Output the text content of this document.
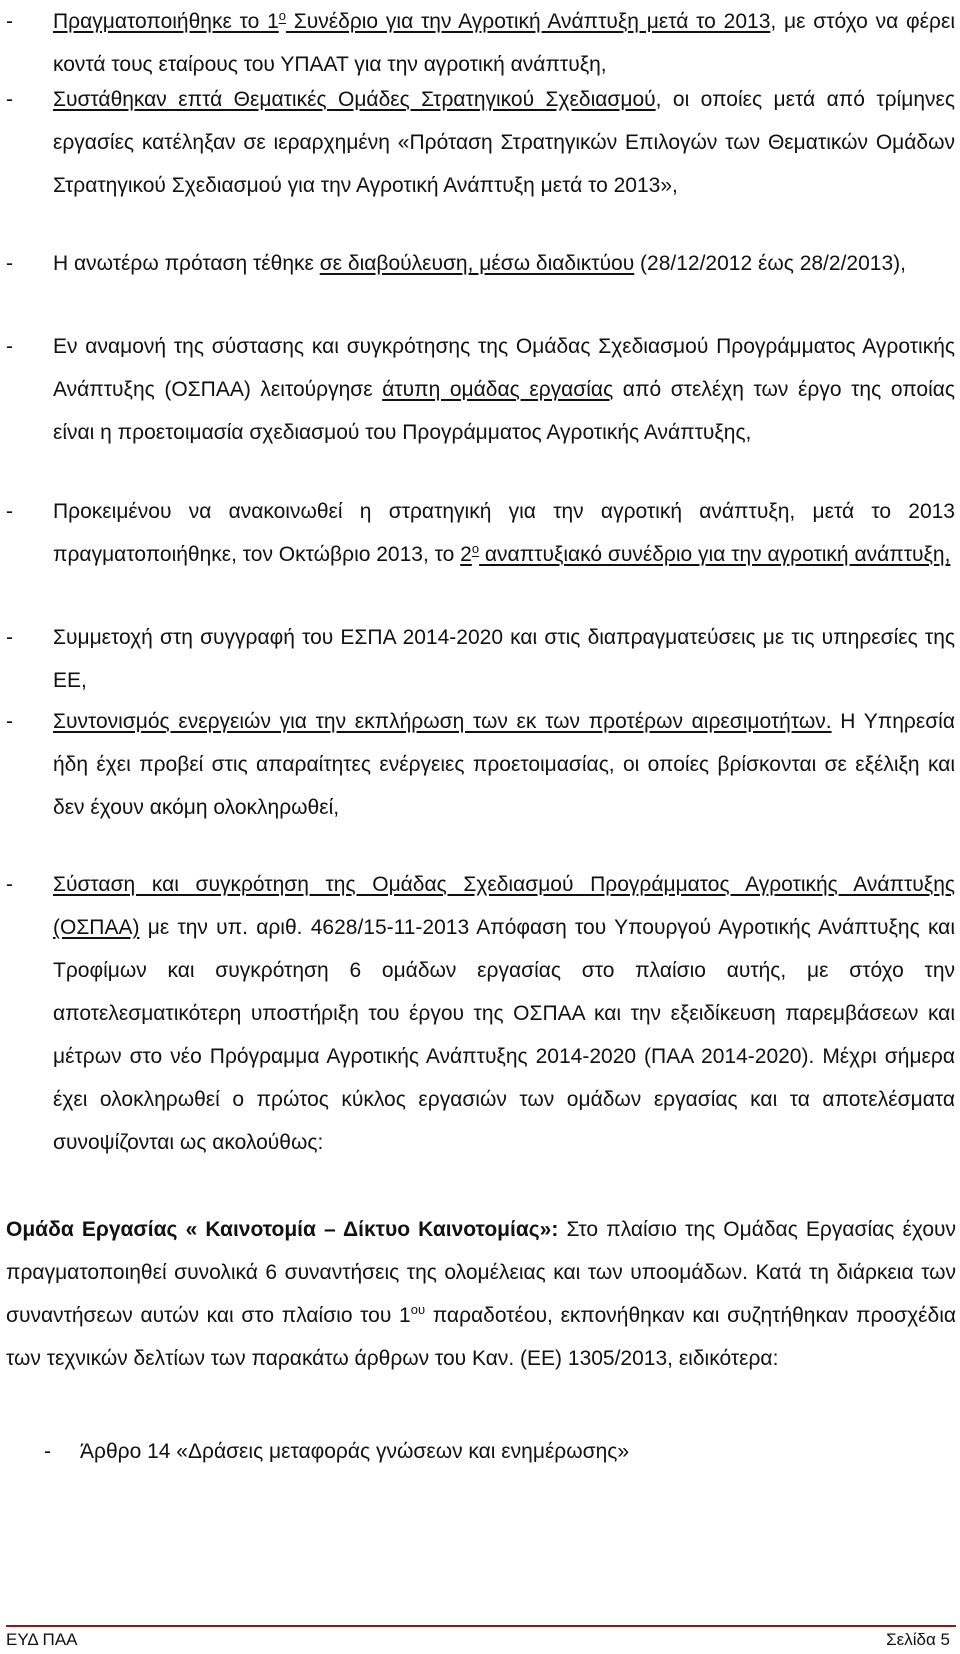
- Πραγματοποιήθηκε το $1^o$ Συνέδριο για την Αγροτική Ανάπτυξη μετά το 2013, με στόχο να φέρει κοντά τους εταίρους του ΥΠΑΑΤ για την αγροτική ανάπτυξη,
- Συστάθηκαν επτά Θεματικές Ομάδες Στρατηγικού Σχεδιασμού, οι οποίες μετά από τρίμηνες εργασίες κατέληξαν σε ιεραρχημένη «Πρόταση Στρατηγικών Επιλογών των Θεματικών Ομάδων Στρατηγικού Σχεδιασμού για την Αγροτική Ανάπτυξη μετά το 2013»,
- Η ανωτέρω πρόταση τέθηκε σε διαβούλευση, μέσω διαδικτύου (28/12/2012 έως 28/2/2013),
- Εν αναμονή της σύστασης και συγκρότησης της Ομάδας Σχεδιασμού Προγράμματος Αγροτικής Ανάπτυξης (ΟΣΠΑΑ) λειτούργησε άτυπη ομάδας εργασίας από στελέχη των έργο της οποίας είναι η προετοιμασία σχεδιασμού του Προγράμματος Αγροτικής Ανάπτυξης,
- Προκειμένου να ανακοινωθεί η στρατηγική για την αγροτική ανάπτυξη, μετά το 2013 πραγματοποιήθηκε, τον Οκτώβριο 2013, το $2^o$ αναπτυξιακό συνέδριο για την αγροτική ανάπτυξη,
- Συμμετοχή στη συγγραφή του ΕΣΠΑ 2014-2020 και στις διαπραγματεύσεις με τις υπηρεσίες της ΕΕ,
- Συντονισμός ενεργειών για την εκπλήρωση των εκ των προτέρων αιρεσιμοτήτων. Η Υπηρεσία ήδη έχει προβεί στις απαραίτητες ενέργειες προετοιμασίας, οι οποίες βρίσκονται σε εξέλιξη και δεν έχουν ακόμη ολοκληρωθεί,
- Σύσταση και συγκρότηση της Ομάδας Σχεδιασμού Προγράμματος Αγροτικής Ανάπτυξης (ΟΣΠΑΑ) με την υπ. αριθ. 4628/15-11-2013 Απόφαση του Υπουργού Αγροτικής Ανάπτυξης και Τροφίμων και συγκρότηση 6 ομάδων εργασίας στο πλαίσιο αυτής, με στόχο την αποτελεσματικότερη υποστήριξη του έργου της ΟΣΠΑΑ και την εξειδίκευση παρεμβάσεων και μέτρων στο νέο Πρόγραμμα Αγροτικής Ανάπτυξης 2014-2020 (ΠΑΑ 2014-2020). Μέχρι σήμερα έχει ολοκληρωθεί ο πρώτος κύκλος εργασιών των ομάδων εργασίας και τα αποτελέσματα συνοψίζονται ως ακολούθως:
Ομάδα Εργασίας « Καινοτομία – Δίκτυο Καινοτομίας»: Στο πλαίσιο της Ομάδας Εργασίας έχουν πραγματοποιηθεί συνολικά 6 συναντήσεις της ολομέλειας και των υποομάδων. Κατά τη διάρκεια των συναντήσεων αυτών και στο πλαίσιο του $1^{o\upsilon}$ παραδοτέου, εκπονήθηκαν και συζητήθηκαν προσχέδια των τεχνικών δελτίων των παρακάτω άρθρων του Καν. (ΕΕ) 1305/2013, ειδικότερα:
- Άρθρο 14 «Δράσεις μεταφοράς γνώσεων και ενημέρωσης»
ΕΥΔ ΠΑΑ	Σελίδα 5
